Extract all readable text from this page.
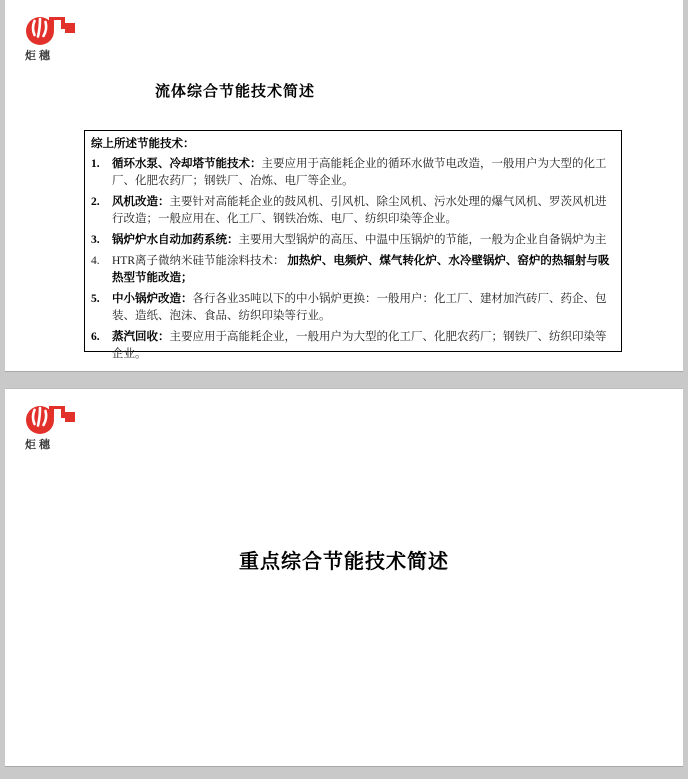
炬穗
流体综合节能技术简述
综上所述节能技术：
1.	循环水泵、冷却塔节能技术：主要应用于高能耗企业的循环水做节电改造，一般用户为大型的化工厂、化肥农药厂；钢铁厂、冶炼、电厂等企业。
2.	风机改造：主要针对高能耗企业的鼓风机、引风机、除尘风机、污水处理的爆气风机、罗茨风机进行改造；一般应用在、化工厂、钢铁冶炼、电厂、纺织印染等企业。
3.	锅炉炉水自动加药系统：主要用大型锅炉的高压、中温中压锅炉的节能，一般为企业自备锅炉为主
4.	HTR离子微纳米硅节能涂料技术： 加热炉、电频炉、煤气转化炉、水冷壁锅炉、窑炉的热辐射与吸热型节能改造；
5.	中小锅炉改造：各行各业35吨以下的中小锅炉更换：一般用户：化工厂、建材加汽砖厂、药企、包装、造纸、泡沫、食品、纺织印染等行业。
6.	蒸汽回收：主要应用于高能耗企业，一般用户为大型的化工厂、化肥农药厂；钢铁厂、纺织印染等企业。
炬穗
重点综合节能技术简述
